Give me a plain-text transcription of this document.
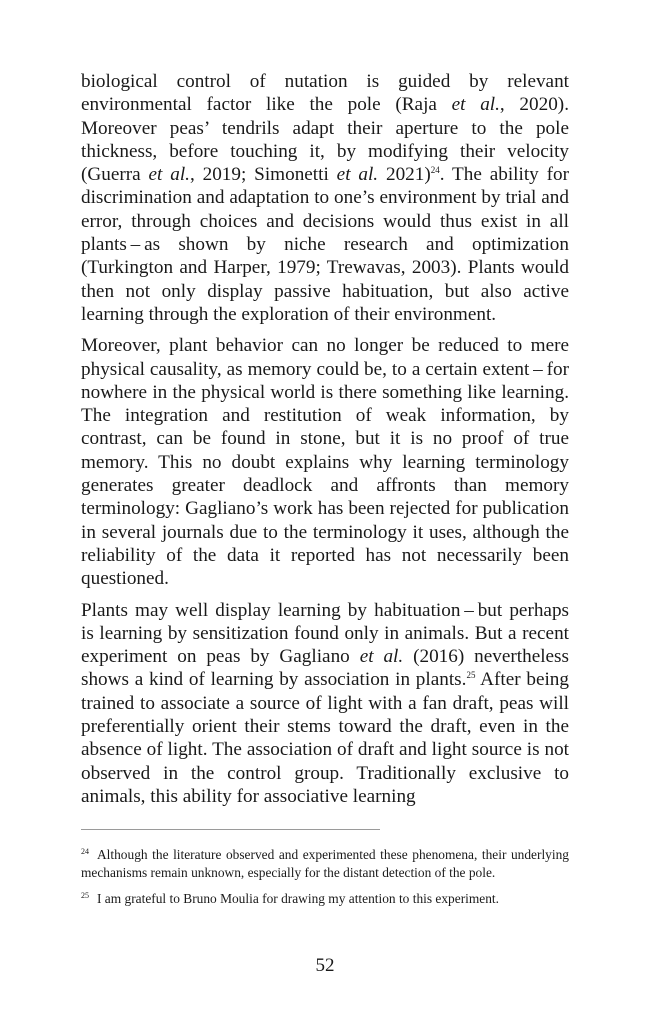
biological control of nutation is guided by relevant environmental factor like the pole (Raja et al., 2020). Moreover peas’ tendrils adapt their aperture to the pole thickness, before touching it, by modifying their velocity (Guerra et al., 2019; Simonetti et al. 2021)$^{24}$. The ability for discrimination and adaptation to one’s environment by trial and error, through choices and decisions would thus exist in all plants – as shown by niche research and optimization (Turkington and Harper, 1979; Trewavas, 2003). Plants would then not only display passive habituation, but also active learning through the exploration of their environment.

Moreover, plant behavior can no longer be reduced to mere physical causality, as memory could be, to a certain extent – for nowhere in the physical world is there something like learning. The integration and restitution of weak information, by contrast, can be found in stone, but it is no proof of true memory. This no doubt explains why learning terminology generates greater deadlock and affronts than memory terminology: Gagliano’s work has been rejected for publication in several journals due to the terminology it uses, although the reliability of the data it reported has not necessarily been questioned.

Plants may well display learning by habituation – but perhaps is learning by sensitization found only in animals. But a recent experiment on peas by Gagliano et al. (2016) nevertheless shows a kind of learning by association in plants.$^{25}$ After being trained to associate a source of light with a fan draft, peas will preferentially orient their stems toward the draft, even in the absence of light. The association of draft and light source is not observed in the control group. Traditionally exclusive to animals, this ability for associative learning

$^{24}$ Although the literature observed and experimented these phenomena, their underlying mechanisms remain unknown, especially for the distant detection of the pole.

$^{25}$ I am grateful to Bruno Moulia for drawing my attention to this experiment.

52
